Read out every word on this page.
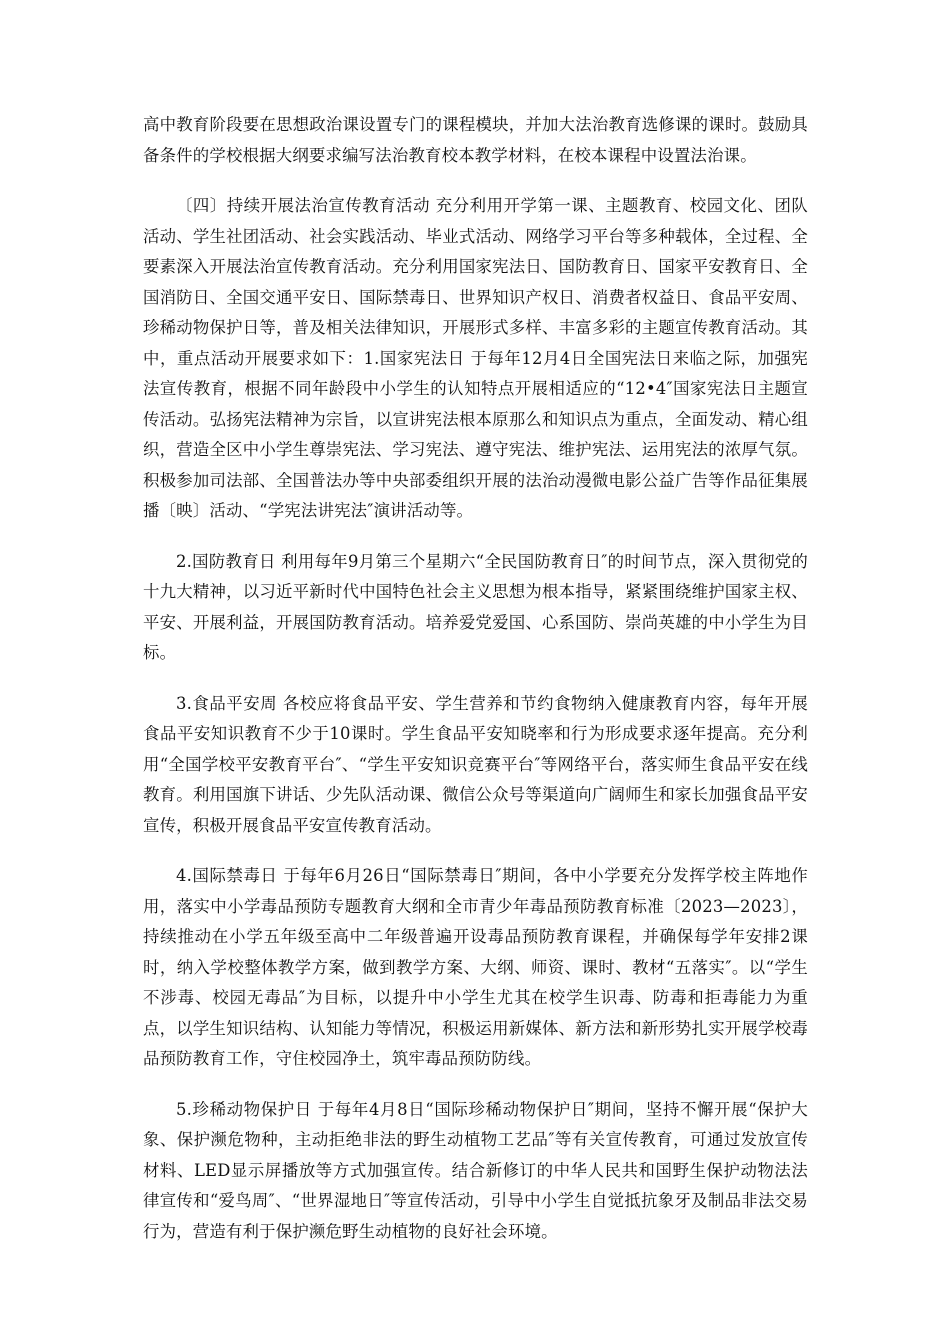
高中教育阶段要在思想政治课设置专门的课程模块，并加大法治教育选修课的课时。鼓励具备条件的学校根据大纲要求编写法治教育校本教学材料，在校本课程中设置法治课。

〔四〕持续开展法治宣传教育活动 充分利用开学第一课、主题教育、校园文化、团队活动、学生社团活动、社会实践活动、毕业式活动、网络学习平台等多种载体，全过程、全要素深入开展法治宣传教育活动。充分利用国家宪法日、国防教育日、国家平安教育日、全国消防日、全国交通平安日、国际禁毒日、世界知识产权日、消费者权益日、食品平安周、珍稀动物保护日等，普及相关法律知识，开展形式多样、丰富多彩的主题宣传教育活动。其中，重点活动开展要求如下：1.国家宪法日 于每年12月4日全国宪法日来临之际，加强宪法宣传教育，根据不同年龄段中小学生的认知特点开展相适应的“12•4″国家宪法日主题宣传活动。弘扬宪法精神为宗旨，以宣讲宪法根本原那么和知识点为重点，全面发动、精心组织，营造全区中小学生尊崇宪法、学习宪法、遵守宪法、维护宪法、运用宪法的浓厚气氛。积极参加司法部、全国普法办等中央部委组织开展的法治动漫微电影公益广告等作品征集展播〔映〕活动、“学宪法讲宪法″演讲活动等。

2.国防教育日 利用每年9月第三个星期六“全民国防教育日″的时间节点，深入贯彻党的十九大精神，以习近平新时代中国特色社会主义思想为根本指导，紧紧围绕维护国家主权、平安、开展利益，开展国防教育活动。培养爱党爱国、心系国防、崇尚英雄的中小学生为目标。

3.食品平安周 各校应将食品平安、学生营养和节约食物纳入健康教育内容，每年开展食品平安知识教育不少于10课时。学生食品平安知晓率和行为形成要求逐年提高。充分利用“全国学校平安教育平台″、“学生平安知识竞赛平台″等网络平台，落实师生食品平安在线教育。利用国旗下讲话、少先队活动课、微信公众号等渠道向广阔师生和家长加强食品平安宣传，积极开展食品平安宣传教育活动。

4.国际禁毒日 于每年6月26日“国际禁毒日″期间，各中小学要充分发挥学校主阵地作用，落实中小学毒品预防专题教育大纲和全市青少年毒品预防教育标准〔2023—2023〕，持续推动在小学五年级至高中二年级普遍开设毒品预防教育课程，并确保每学年安排2课时，纳入学校整体教学方案，做到教学方案、大纲、师资、课时、教材“五落实″。以“学生不涉毒、校园无毒品″为目标，以提升中小学生尤其在校学生识毒、防毒和拒毒能力为重点，以学生知识结构、认知能力等情况，积极运用新媒体、新方法和新形势扎实开展学校毒品预防教育工作，守住校园净土，筑牢毒品预防防线。

5.珍稀动物保护日 于每年4月8日“国际珍稀动物保护日″期间，坚持不懈开展“保护大象、保护濒危物种，主动拒绝非法的野生动植物工艺品″等有关宣传教育，可通过发放宣传材料、LED显示屏播放等方式加强宣传。结合新修订的中华人民共和国野生保护动物法法律宣传和“爱鸟周″、“世界湿地日″等宣传活动，引导中小学生自觉抵抗象牙及制品非法交易行为，营造有利于保护濒危野生动植物的良好社会环境。
